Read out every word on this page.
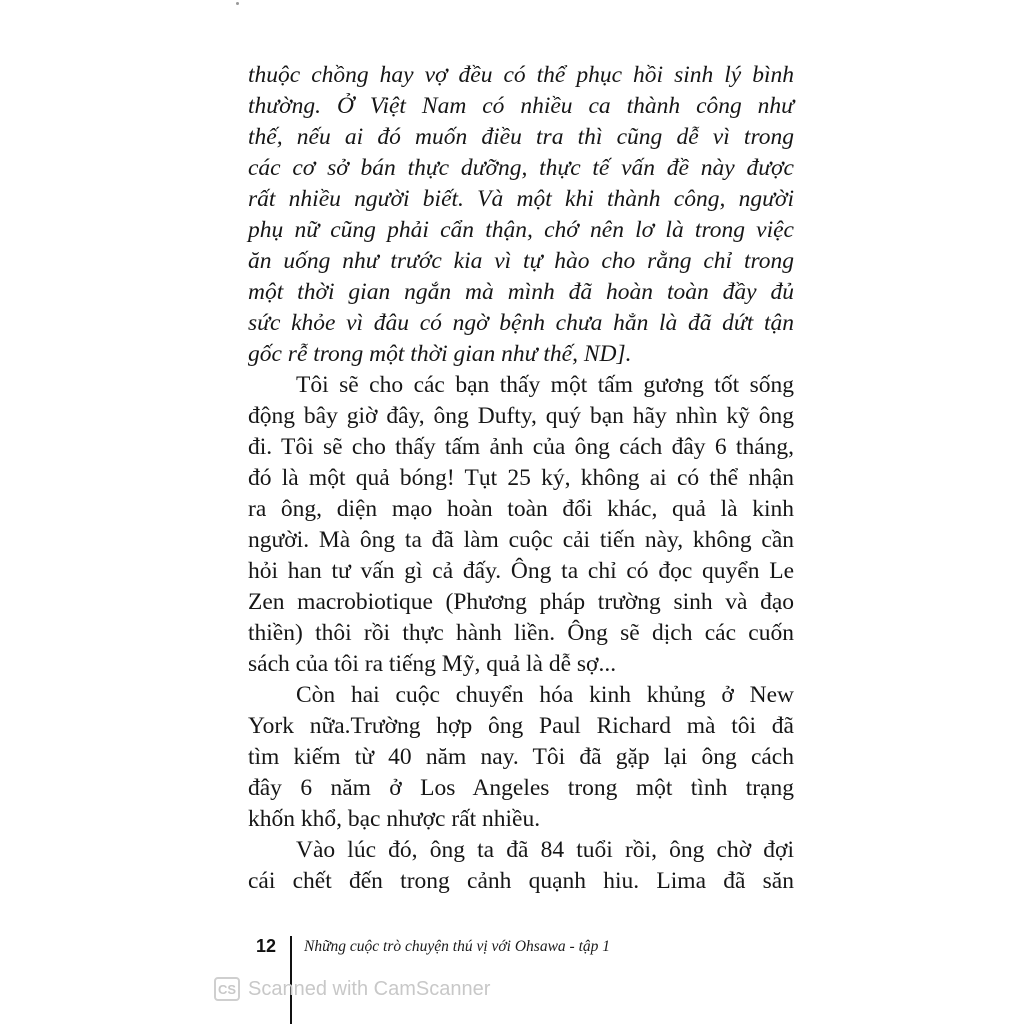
thuộc chồng hay vợ đều có thể phục hồi sinh lý bình
thường. Ở Việt Nam có nhiều ca thành công như
thế, nếu ai đó muốn điều tra thì cũng dễ vì trong
các cơ sở bán thực dưỡng, thực tế vấn đề này được
rất nhiều người biết. Và một khi thành công, người
phụ nữ cũng phải cẩn thận, chớ nên lơ là trong việc
ăn uống như trước kia vì tự hào cho rằng chỉ trong
một thời gian ngắn mà mình đã hoàn toàn đầy đủ
sức khỏe vì đâu có ngờ bệnh chưa hẳn là đã dứt tận
gốc rễ trong một thời gian như thế, ND].
Tôi sẽ cho các bạn thấy một tấm gương tốt sống
động bây giờ đây, ông Dufty, quý bạn hãy nhìn kỹ ông
đi. Tôi sẽ cho thấy tấm ảnh của ông cách đây 6 tháng,
đó là một quả bóng! Tụt 25 ký, không ai có thể nhận
ra ông, diện mạo hoàn toàn đổi khác, quả là kinh
người. Mà ông ta đã làm cuộc cải tiến này, không cần
hỏi han tư vấn gì cả đấy. Ông ta chỉ có đọc quyển Le
Zen macrobiotique (Phương pháp trường sinh và đạo
thiền) thôi rồi thực hành liền. Ông sẽ dịch các cuốn
sách của tôi ra tiếng Mỹ, quả là dễ sợ...
Còn hai cuộc chuyển hóa kinh khủng ở New
York nữa.Trường hợp ông Paul Richard mà tôi đã
tìm kiếm từ 40 năm nay. Tôi đã gặp lại ông cách
đây 6 năm ở Los Angeles trong một tình trạng
khốn khổ, bạc nhược rất nhiều.
Vào lúc đó, ông ta đã 84 tuổi rồi, ông chờ đợi
cái chết đến trong cảnh quạnh hiu. Lima đã săn
12 Những cuộc trò chuyện thú vị với Ohsawa - tập 1
CS Scanned with CamScanner
